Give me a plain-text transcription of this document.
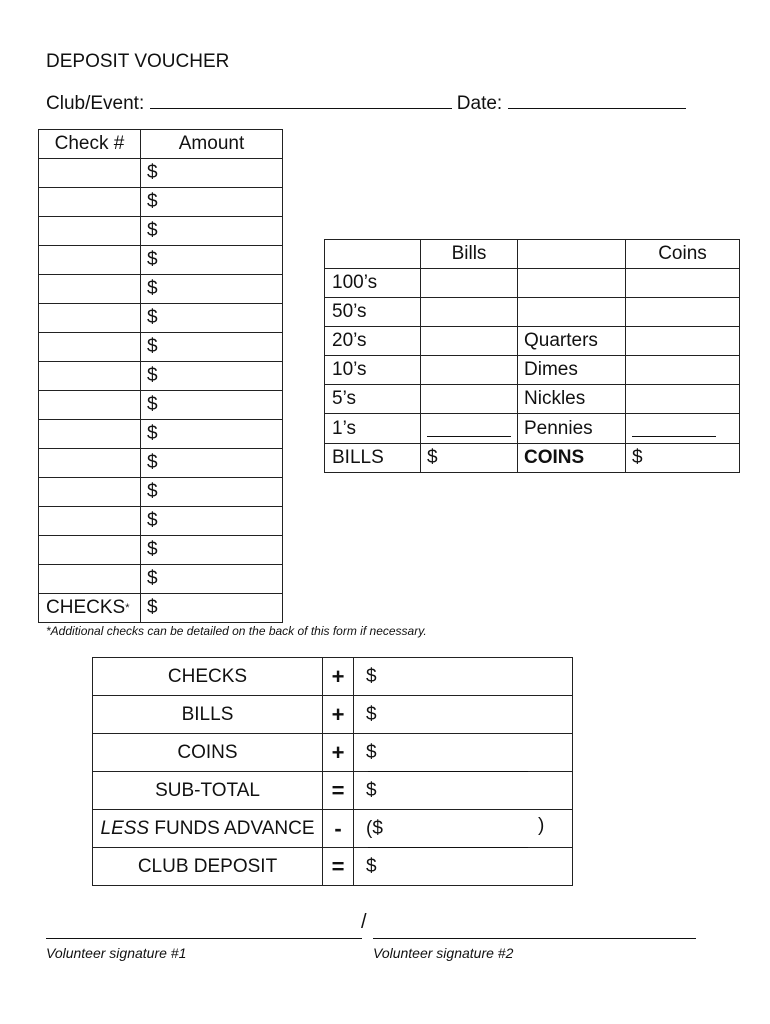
DEPOSIT VOUCHER
Club/Event:	Date:
Check #	Amount
	$
	$
	$
	$
	$
	$
	$
	$
	$
	$
	$
	$
	$
	$
	$
CHECKS*	$
*Additional checks can be detailed on the back of this form if necessary.
	Bills		Coins
100’s			
50’s			
20’s		Quarters	
10’s		Dimes	
5’s		Nickles	
1’s		Pennies	
BILLS	$	COINS	$
CHECKS	+	$
BILLS	+	$
COINS	+	$

SUB-TOTAL	=	$
LESS FUNDS ADVANCE	-	($ )

CLUB DEPOSIT	=	$
/
Volunteer signature #1	Volunteer signature #2
